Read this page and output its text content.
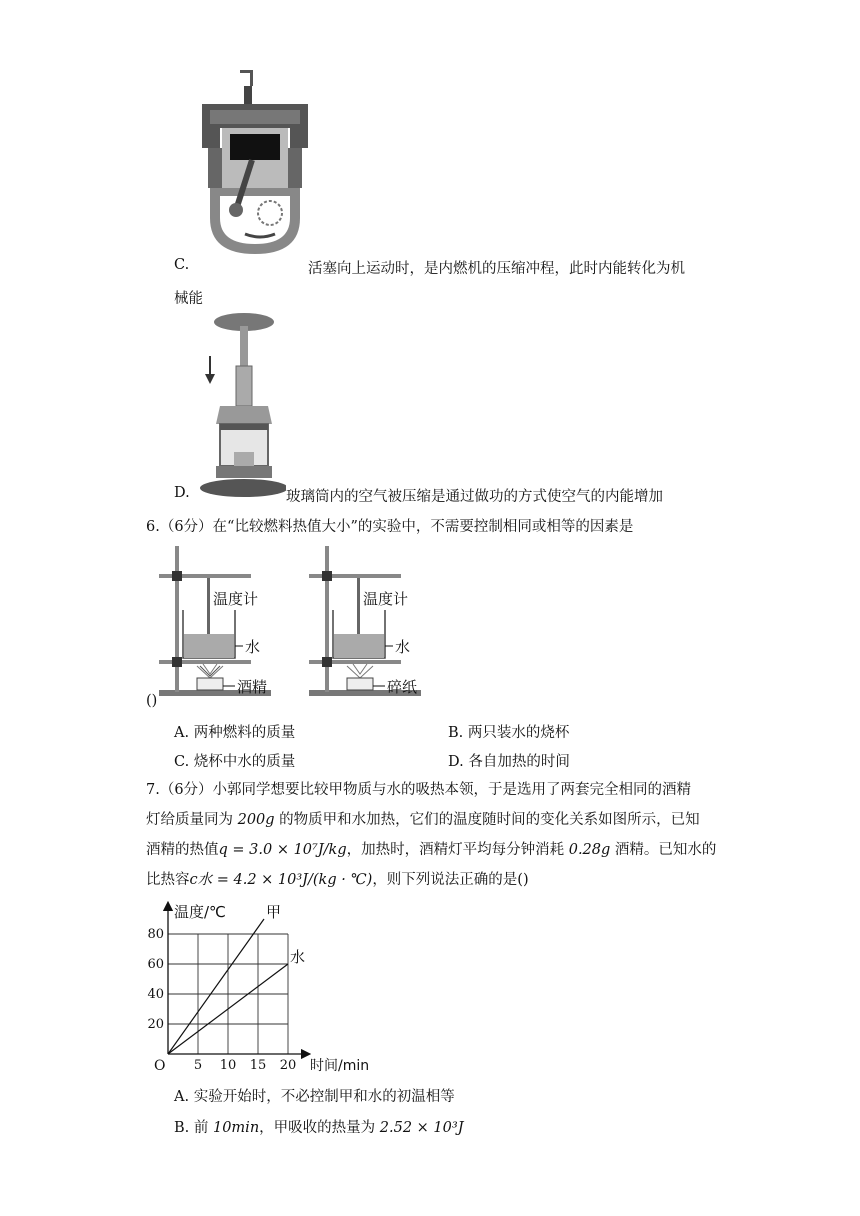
C.	活塞向上运动时，是内燃机的压缩冲程，此时内能转化为机
械能
D.	玻璃筒内的空气被压缩是通过做功的方式使空气的内能增加
6.（6分）在“比较燃料热值大小”的实验中，不需要控制相同或相等的因素是
温度计
水
酒精
温度计
水
碎纸
()
A. 两种燃料的质量	B. 两只装水的烧杯
C. 烧杯中水的质量	D. 各自加热的时间
7.（6分）小郭同学想要比较甲物质与水的吸热本领，于是选用了两套完全相同的酒精
灯给质量同为 200g 的物质甲和水加热，它们的温度随时间的变化关系如图所示，已知
酒精的热值q = 3.0 × 10⁷J/kg，加热时，酒精灯平均每分钟消耗 0.28g 酒精。已知水的
比热容c水 = 4.2 × 10³J/(kg · ℃)，则下列说法正确的是()
甲
水
5 10 15 20
20
40
60
80
温度/℃
时间/min
O
A. 实验开始时，不必控制甲和水的初温相等
B. 前 10min，甲吸收的热量为 2.52 × 10³J
